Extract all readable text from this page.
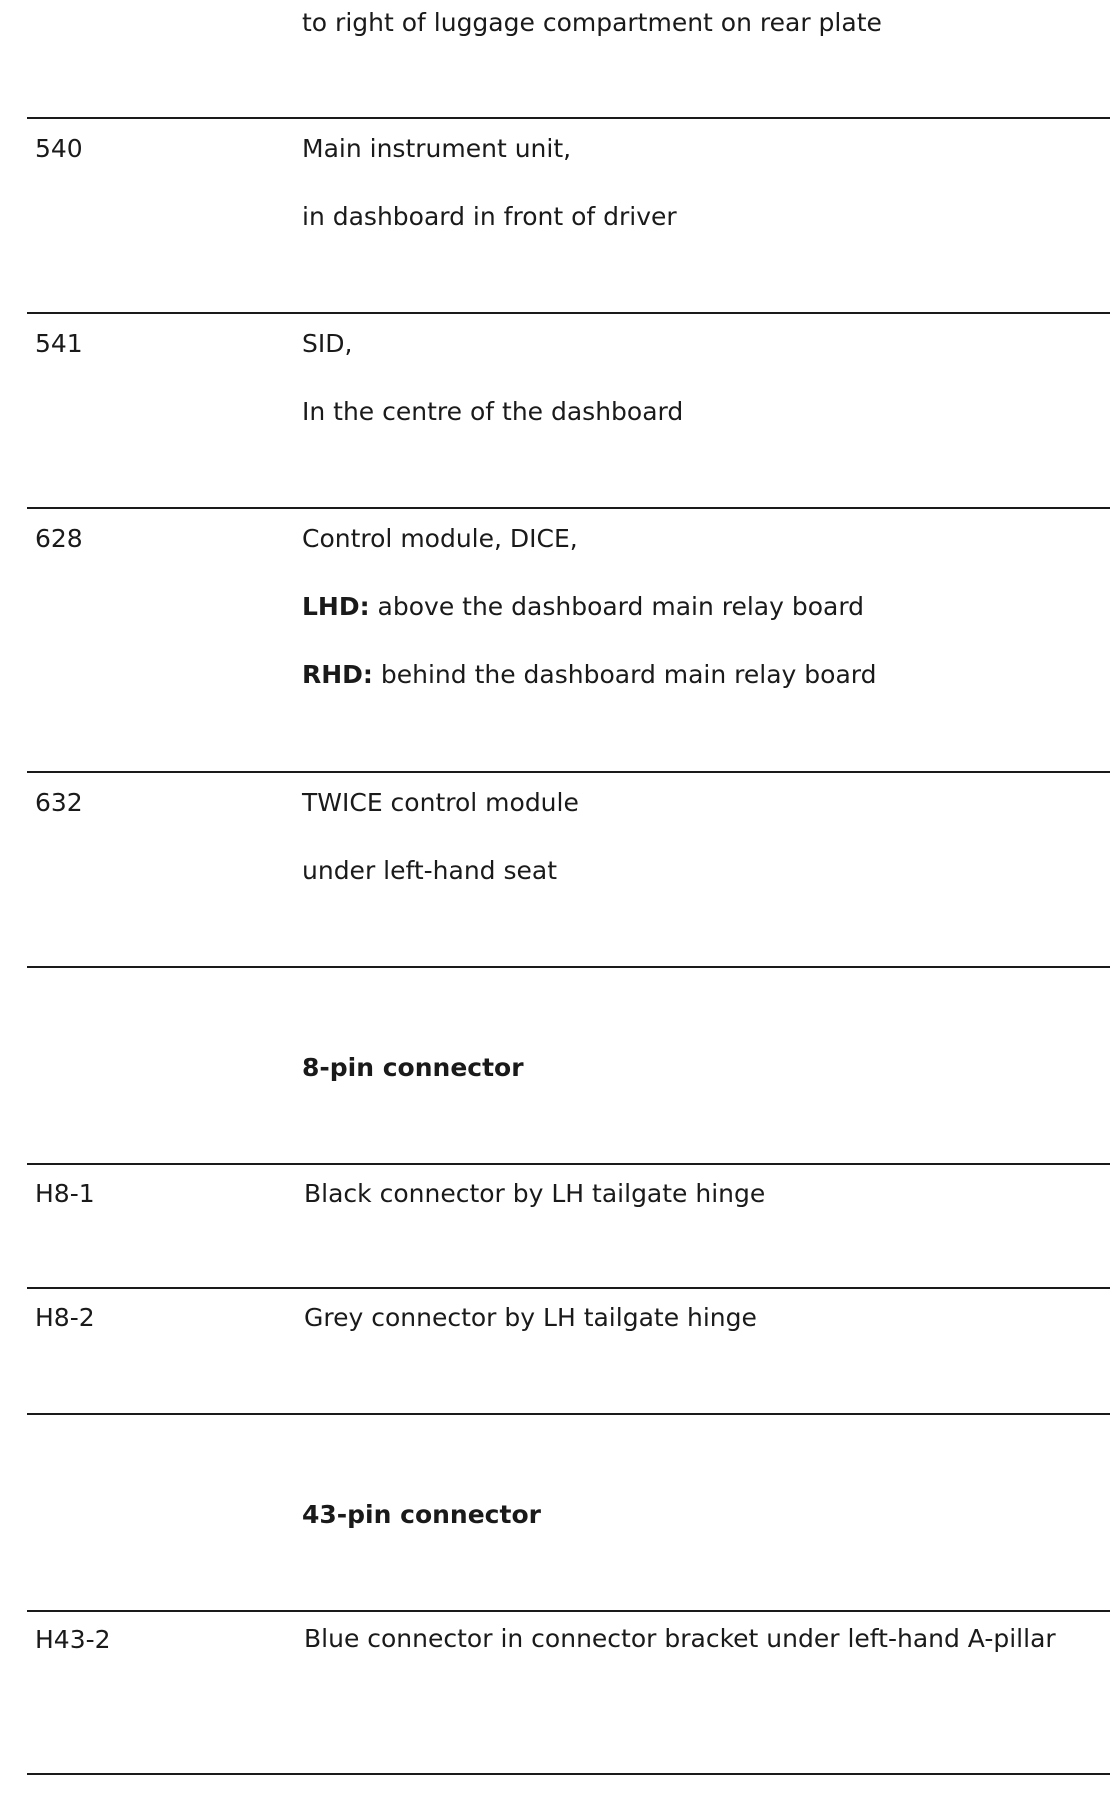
to right of luggage compartment on rear plate
540	Main instrument unit,
in dashboard in front of driver
541	SID,
In the centre of the dashboard
628	Control module, DICE,
LHD: above the dashboard main relay board
RHD: behind the dashboard main relay board
632	TWICE control module
under left-hand seat
8-pin connector
H8-1	Black connector by LH tailgate hinge
H8-2	Grey connector by LH tailgate hinge
43-pin connector
H43-2	Blue connector in connector bracket under left-hand A-pillar
